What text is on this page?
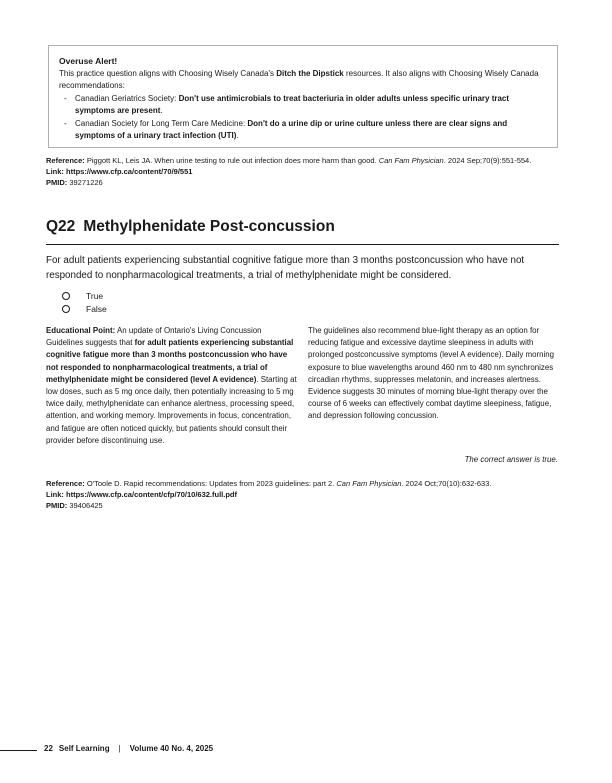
Overuse Alert!
This practice question aligns with Choosing Wisely Canada's Ditch the Dipstick resources. It also aligns with Choosing Wisely Canada recommendations:
- Canadian Geriatrics Society: Don't use antimicrobials to treat bacteriuria in older adults unless specific urinary tract symptoms are present.
- Canadian Society for Long Term Care Medicine: Don't do a urine dip or urine culture unless there are clear signs and symptoms of a urinary tract infection (UTI).
Reference: Piggott KL, Leis JA. When urine testing to rule out infection does more harm than good. Can Fam Physician. 2024 Sep;70(9):551-554.
Link: https://www.cfp.ca/content/70/9/551
PMID: 39271226
Q22 Methylphenidate Post-concussion
For adult patients experiencing substantial cognitive fatigue more than 3 months postconcussion who have not responded to nonpharmacological treatments, a trial of methylphenidate might be considered.
True
False
Educational Point: An update of Ontario's Living Concussion Guidelines suggests that for adult patients experiencing substantial cognitive fatigue more than 3 months postconcussion who have not responded to nonpharmacological treatments, a trial of methylphenidate might be considered (level A evidence). Starting at low doses, such as 5 mg once daily, then potentially increasing to 5 mg twice daily, methylphenidate can enhance alertness, processing speed, attention, and working memory. Improvements in focus, concentration, and fatigue are often noticed quickly, but patients should consult their provider before discontinuing use.
The guidelines also recommend blue-light therapy as an option for reducing fatigue and excessive daytime sleepiness in adults with prolonged postconcussive symptoms (level A evidence). Daily morning exposure to blue wavelengths around 460 nm to 480 nm synchronizes circadian rhythms, suppresses melatonin, and increases alertness. Evidence suggests 30 minutes of morning blue-light therapy over the course of 6 weeks can effectively combat daytime sleepiness, fatigue, and depression following concussion.
The correct answer is true.
Reference: O'Toole D. Rapid recommendations: Updates from 2023 guidelines: part 2. Can Fam Physician. 2024 Oct;70(10):632-633.
Link: https://www.cfp.ca/content/cfp/70/10/632.full.pdf
PMID: 39406425
22 Self Learning | Volume 40 No. 4, 2025
